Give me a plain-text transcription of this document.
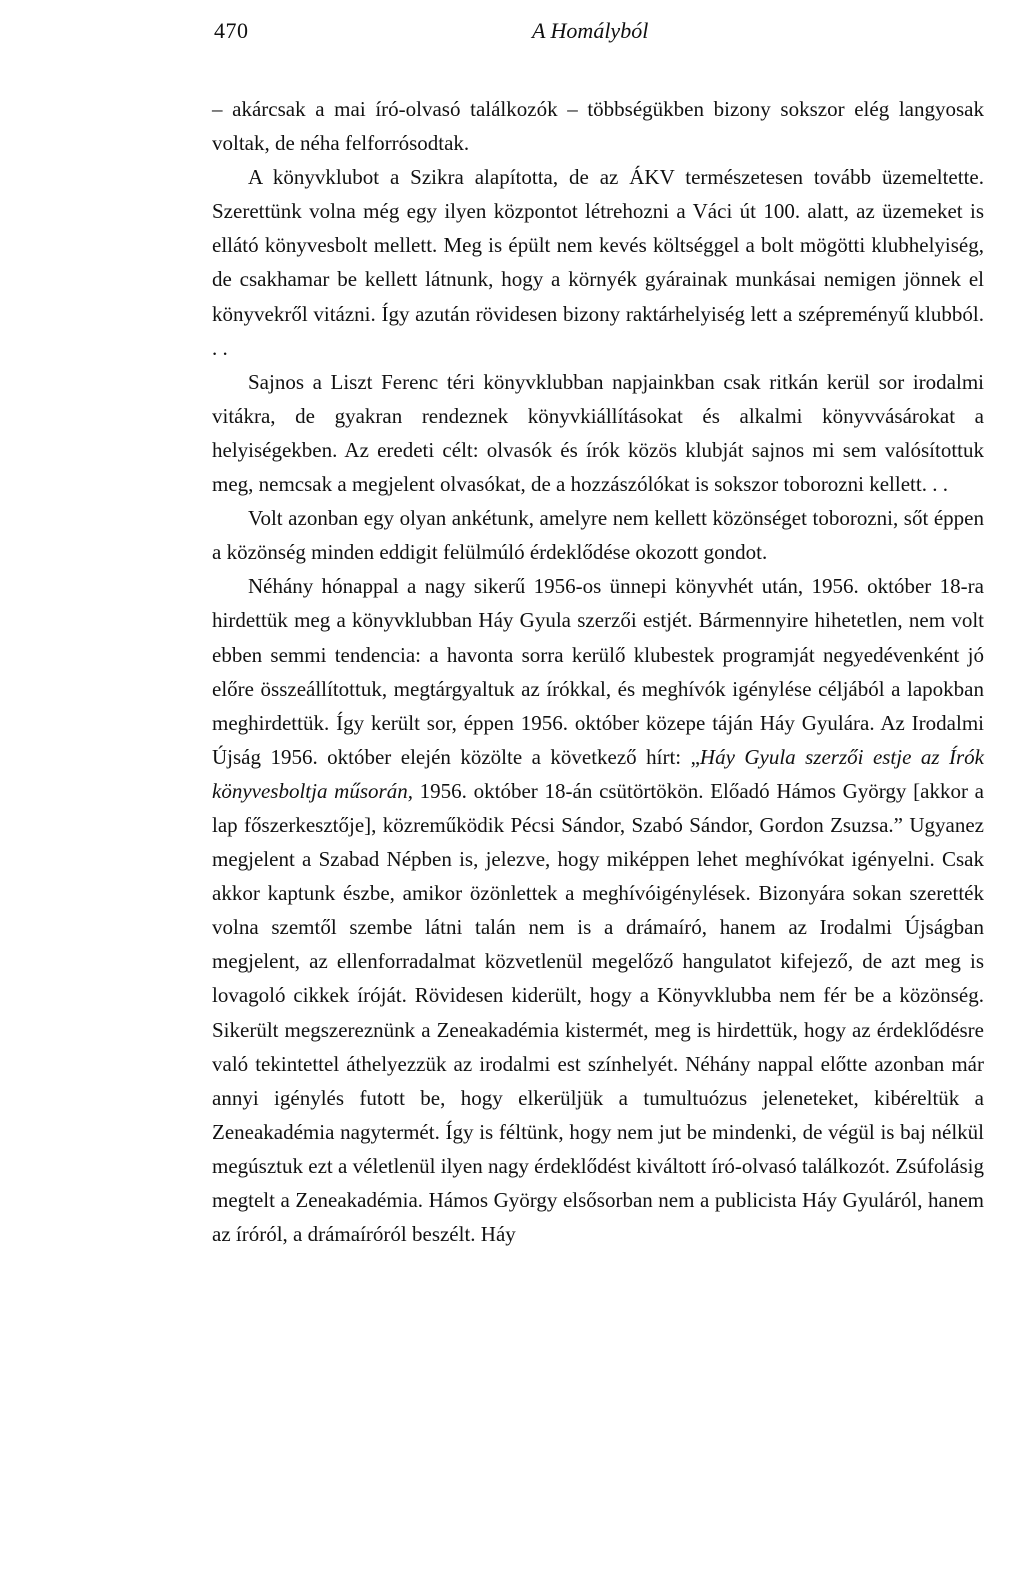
470	A Homályból

– akárcsak a mai író-olvasó találkozók – többségükben bizony sokszor elég langyosak voltak, de néha felforrósodtak.

A könyvklubot a Szikra alapította, de az ÁKV természetesen tovább üzemeltette. Szerettünk volna még egy ilyen központot létrehozni a Váci út 100. alatt, az üzemeket is ellátó könyvesbolt mellett. Meg is épült nem kevés költséggel a bolt mögötti klubhelyiség, de csakhamar be kellett látnunk, hogy a környék gyárainak munkásai nemigen jönnek el könyvekről vitázni. Így azután rövidesen bizony raktárhelyiség lett a szépreményű klubból. . .

Sajnos a Liszt Ferenc téri könyvklubban napjainkban csak ritkán kerül sor irodalmi vitákra, de gyakran rendeznek könyvkiállításokat és alkalmi könyvvásárokat a helyiségekben. Az eredeti célt: olvasók és írók közös klubját sajnos mi sem valósítottuk meg, nemcsak a megjelent olvasókat, de a hozzászólókat is sokszor toborozni kellett. . .

Volt azonban egy olyan ankétunk, amelyre nem kellett közönséget toborozni, sőt éppen a közönség minden eddigit felülmúló érdeklődése okozott gondot.

Néhány hónappal a nagy sikerű 1956-os ünnepi könyvhét után, 1956. október 18-ra hirdettük meg a könyvklubban Háy Gyula szerzői estjét. Bármennyire hihetetlen, nem volt ebben semmi tendencia: a havonta sorra kerülő klubestek programját negyedévenként jó előre összeállítottuk, megtárgyaltuk az írókkal, és meghívók igénylése céljából a lapokban meghirdettük. Így került sor, éppen 1956. október közepe táján Háy Gyulára. Az Irodalmi Újság 1956. október elején közölte a következő hírt: „Háy Gyula szerzői estje az Írók könyvesboltja műsorán, 1956. október 18-án csütörtökön. Előadó Hámos György [akkor a lap főszerkesztője], közreműködik Pécsi Sándor, Szabó Sándor, Gordon Zsuzsa.” Ugyanez megjelent a Szabad Népben is, jelezve, hogy miképpen lehet meghívókat igényelni. Csak akkor kaptunk észbe, amikor özönlettek a meghívóigénylések. Bizonyára sokan szerették volna szemtől szembe látni talán nem is a drámaíró, hanem az Irodalmi Újságban megjelent, az ellenforradalmat közvetlenül megelőző hangulatot kifejező, de azt meg is lovagoló cikkek íróját. Rövidesen kiderült, hogy a Könyvklubba nem fér be a közönség. Sikerült megszereznünk a Zeneakadémia kistermét, meg is hirdettük, hogy az érdeklődésre való tekintettel áthelyezzük az irodalmi est színhelyét. Néhány nappal előtte azonban már annyi igénylés futott be, hogy elkerüljük a tumultuózus jeleneteket, kibéreltük a Zeneakadémia nagytermét. Így is féltünk, hogy nem jut be mindenki, de végül is baj nélkül megúsztuk ezt a véletlenül ilyen nagy érdeklődést kiváltott író-olvasó találkozót. Zsúfolásig megtelt a Zeneakadémia. Hámos György elsősorban nem a publicista Háy Gyuláról, hanem az íróról, a drámaíróról beszélt. Háy
